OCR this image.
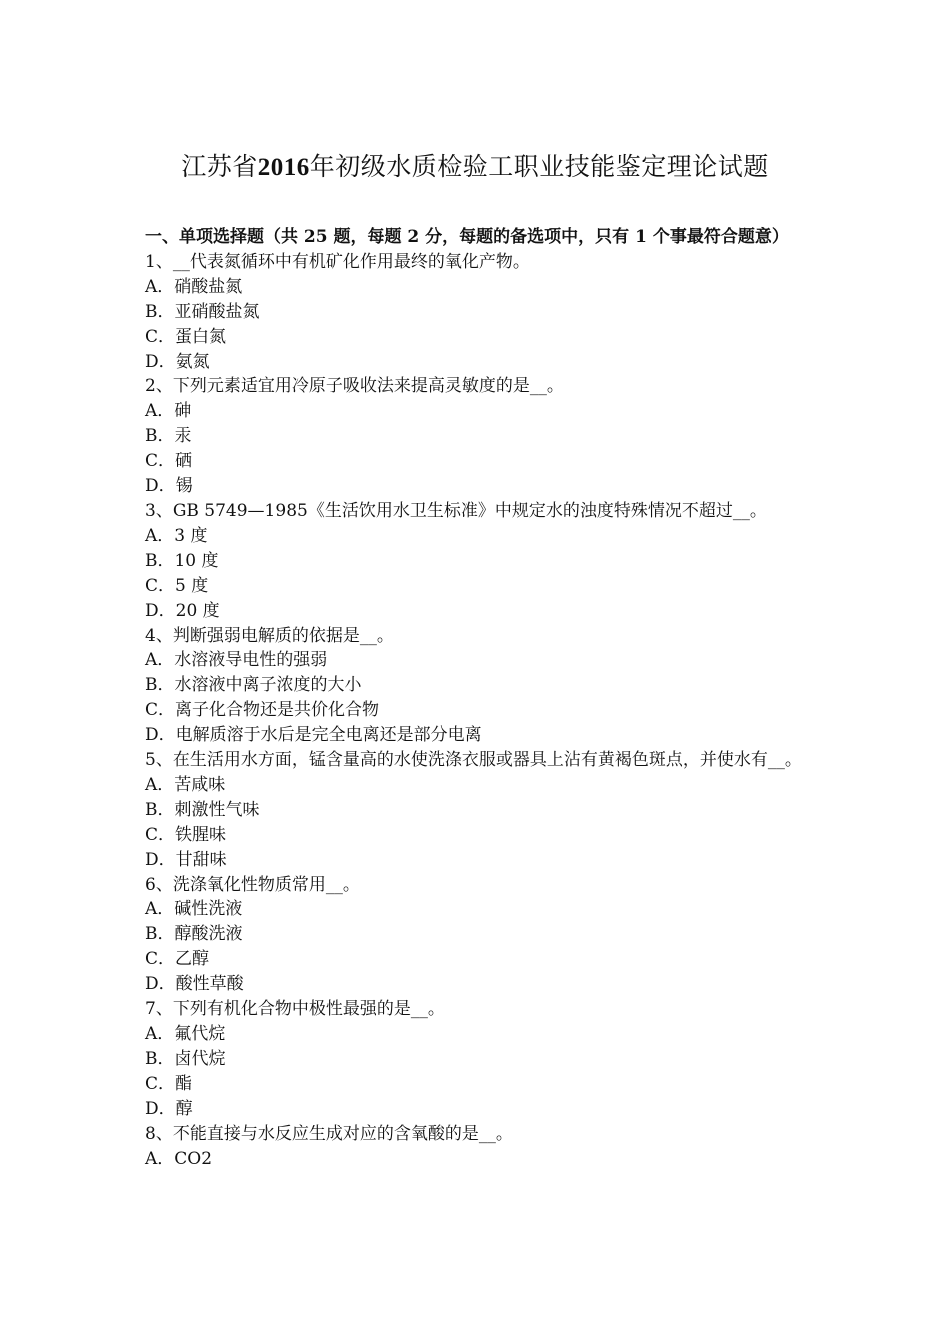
江苏省2016年初级水质检验工职业技能鉴定理论试题
一、单项选择题（共 25 题，每题 2 分，每题的备选项中，只有 1 个事最符合题意）
1、__代表氮循环中有机矿化作用最终的氧化产物。
A．硝酸盐氮
B．亚硝酸盐氮
C．蛋白氮
D．氨氮
2、下列元素适宜用冷原子吸收法来提高灵敏度的是__。
A．砷
B．汞
C．硒
D．锡
3、GB 5749—1985《生活饮用水卫生标准》中规定水的浊度特殊情况不超过__。
A．3 度
B．10 度
C．5 度
D．20 度
4、判断强弱电解质的依据是__。
A．水溶液导电性的强弱
B．水溶液中离子浓度的大小
C．离子化合物还是共价化合物
D．电解质溶于水后是完全电离还是部分电离
5、在生活用水方面，锰含量高的水使洗涤衣服或器具上沾有黄褐色斑点，并使水有__。
A．苦咸味
B．刺激性气味
C．铁腥味
D．甘甜味
6、洗涤氧化性物质常用__。
A．碱性洗液
B．醇酸洗液
C．乙醇
D．酸性草酸
7、下列有机化合物中极性最强的是__。
A．氟代烷
B．卤代烷
C．酯
D．醇
8、不能直接与水反应生成对应的含氧酸的是__。
A．CO2
